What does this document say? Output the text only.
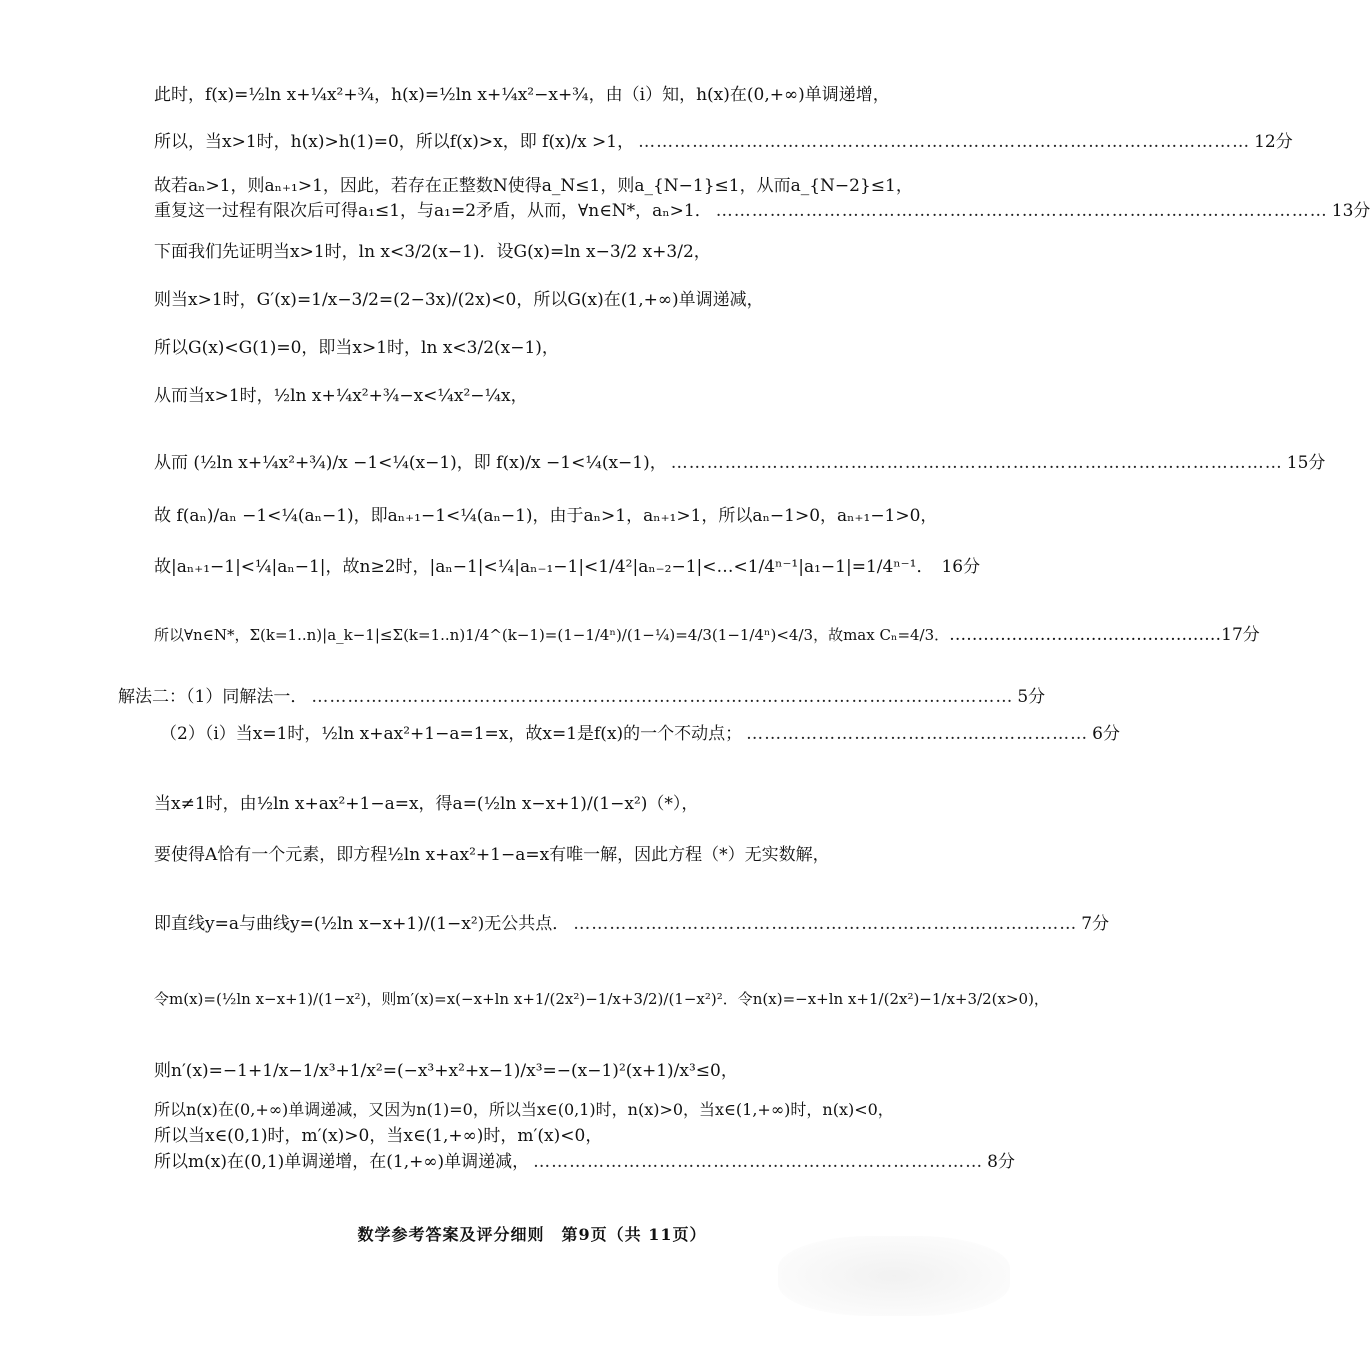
此时，f(x)=½ln x+¼x²+¾，h(x)=½ln x+¼x²−x+¾，由（i）知，h(x)在(0,+∞)单调递增，
所以，当x>1时，h(x)>h(1)=0，所以f(x)>x，即 f(x)/x >1， ………………………………………………………………………………………… 12分
故若aₙ>1，则aₙ₊₁>1，因此，若存在正整数N使得a_N≤1，则a_{N−1}≤1，从而a_{N−2}≤1，
重复这一过程有限次后可得a₁≤1，与a₁=2矛盾，从而，∀n∈N*，aₙ>1． ………………………………………………………………………………………… 13分
下面我们先证明当x>1时，ln x<3/2(x−1)．设G(x)=ln x−3/2 x+3/2，
则当x>1时，G′(x)=1/x−3/2=(2−3x)/(2x)<0，所以G(x)在(1,+∞)单调递减，
所以G(x)<G(1)=0，即当x>1时，ln x<3/2(x−1)，
从而当x>1时，½ln x+¼x²+¾−x<¼x²−¼x，
从而 (½ln x+¼x²+¾)/x −1<¼(x−1)，即 f(x)/x −1<¼(x−1)， ………………………………………………………………………………………… 15分
故 f(aₙ)/aₙ −1<¼(aₙ−1)，即aₙ₊₁−1<¼(aₙ−1)，由于aₙ>1，aₙ₊₁>1，所以aₙ−1>0，aₙ₊₁−1>0，
故|aₙ₊₁−1|<¼|aₙ−1|，故n≥2时，|aₙ−1|<¼|aₙ₋₁−1|<1/4²|aₙ₋₂−1|<…<1/4ⁿ⁻¹|a₁−1|=1/4ⁿ⁻¹． 16分
所以∀n∈N*，Σ(k=1..n)|a_k−1|≤Σ(k=1..n)1/4^(k−1)=(1−1/4ⁿ)/(1−¼)=4/3(1−1/4ⁿ)<4/3，故max Cₙ=4/3． ………………………………………… 17分
解法二：（1）同解法一． ……………………………………………………………………………………………………… 5分
（2）（i）当x=1时，½ln x+ax²+1−a=1=x，故x=1是f(x)的一个不动点； ………………………………………………… 6分
当x≠1时，由½ln x+ax²+1−a=x，得a=(½ln x−x+1)/(1−x²)（*），
要使得A恰有一个元素，即方程½ln x+ax²+1−a=x有唯一解，因此方程（*）无实数解，
即直线y=a与曲线y=(½ln x−x+1)/(1−x²)无公共点． ………………………………………………………………………… 7分
令m(x)=(½ln x−x+1)/(1−x²)，则m′(x)=x(−x+ln x+1/(2x²)−1/x+3/2)/(1−x²)²．令n(x)=−x+ln x+1/(2x²)−1/x+3/2(x>0)，
则n′(x)=−1+1/x−1/x³+1/x²=(−x³+x²+x−1)/x³=−(x−1)²(x+1)/x³≤0，
所以n(x)在(0,+∞)单调递减，又因为n(1)=0，所以当x∈(0,1)时，n(x)>0，当x∈(1,+∞)时，n(x)<0，
所以当x∈(0,1)时，m′(x)>0，当x∈(1,+∞)时，m′(x)<0，
所以m(x)在(0,1)单调递增，在(1,+∞)单调递减， ………………………………………………………………… 8分
数学参考答案及评分细则　第9页（共 11页）
